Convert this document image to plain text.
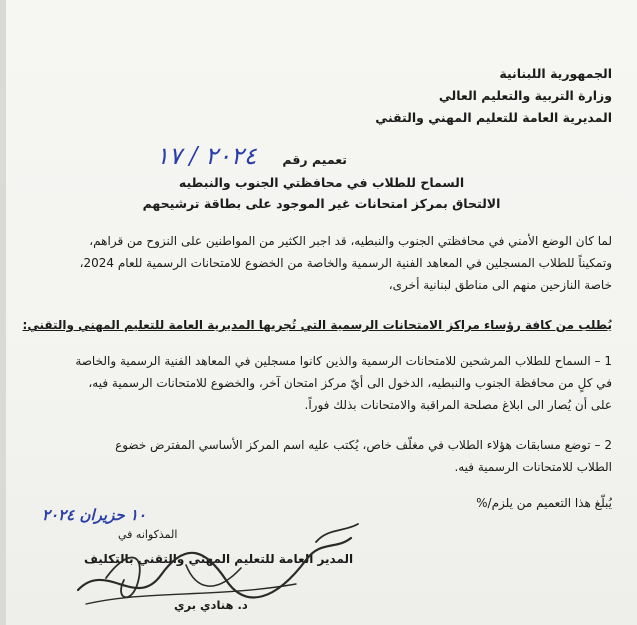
الجمهورية اللبنانية
وزارة التربية والتعليم العالي
المديرية العامة للتعليم المهني والتقني
تعميم رقم
٢٠٢٤ / ١٧
السماح للطلاب في محافظتي الجنوب والنبطيه
الالتحاق بمركز امتحانات غير الموجود على بطاقة ترشيحهم
لما كان الوضع الأمني في محافظتي الجنوب والنبطيه، قد اجبر الكثير من المواطنين على النزوح من قراهم،
وتمكيناً للطلاب المسجلين في المعاهد الفنية الرسمية والخاصة من الخضوع للامتحانات الرسمية للعام 2024،
خاصة النازحين منهم الى مناطق لبنانية أخرى،
يُطلب من كافة رؤساء مراكز الامتحانات الرسمية التي تُجريها المديرية العامة للتعليم المهني والتقني:
1 – السماح للطلاب المرشحين للامتحانات الرسمية والذين كانوا مسجلين في المعاهد الفنية الرسمية والخاصة
في كلٍ من محافظة الجنوب والنبطيه، الدخول الى أيّ مركز امتحان آخر، والخضوع للامتحانات الرسمية فيه،
على أن يُصار الى ابلاغ مصلحة المراقبة والامتحانات بذلك فوراً.
2 – توضع مسابقات هؤلاء الطلاب في مغلّف خاص، يُكتب عليه اسم المركز الأساسي المفترض خضوع
الطلاب للامتحانات الرسمية فيه.
يُبلّغ هذا التعميم من يلزم/%
١٠ حزيران ٢٠٢٤
المذكوانه في
المدير العامة للتعليم المهني والتقني بالتكليف
د. هنادي بري
